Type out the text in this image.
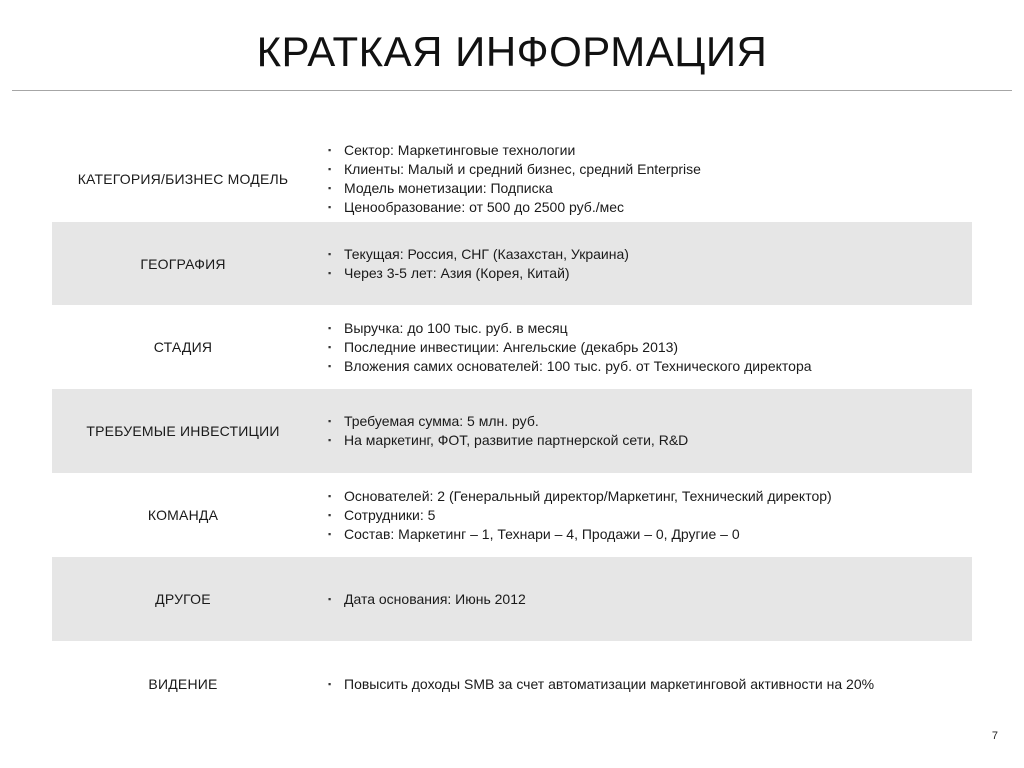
КРАТКАЯ ИНФОРМАЦИЯ
КАТЕГОРИЯ/БИЗНЕС МОДЕЛЬ
▪ Сектор: Маркетинговые технологии
▪ Клиенты: Малый и средний бизнес, средний Enterprise
▪ Модель монетизации: Подписка
▪ Ценообразование: от 500 до 2500 руб./мес
ГЕОГРАФИЯ
▪ Текущая: Россия, СНГ (Казахстан, Украина)
▪ Через 3-5 лет: Азия (Корея, Китай)
СТАДИЯ
▪ Выручка: до 100 тыс. руб. в месяц
▪ Последние инвестиции: Ангельские (декабрь 2013)
▪ Вложения самих основателей: 100 тыс. руб. от Технического директора
ТРЕБУЕМЫЕ ИНВЕСТИЦИИ
▪ Требуемая сумма: 5 млн. руб.
▪ На маркетинг, ФОТ, развитие партнерской сети, R&D
КОМАНДА
▪ Основателей: 2 (Генеральный директор/Маркетинг, Технический директор)
▪ Сотрудники: 5
▪ Состав: Маркетинг – 1, Технари – 4, Продажи – 0, Другие – 0
ДРУГОЕ	▪ Дата основания: Июнь 2012
ВИДЕНИЕ	▪ Повысить доходы SMB за счет автоматизации маркетинговой активности на 20%
7
